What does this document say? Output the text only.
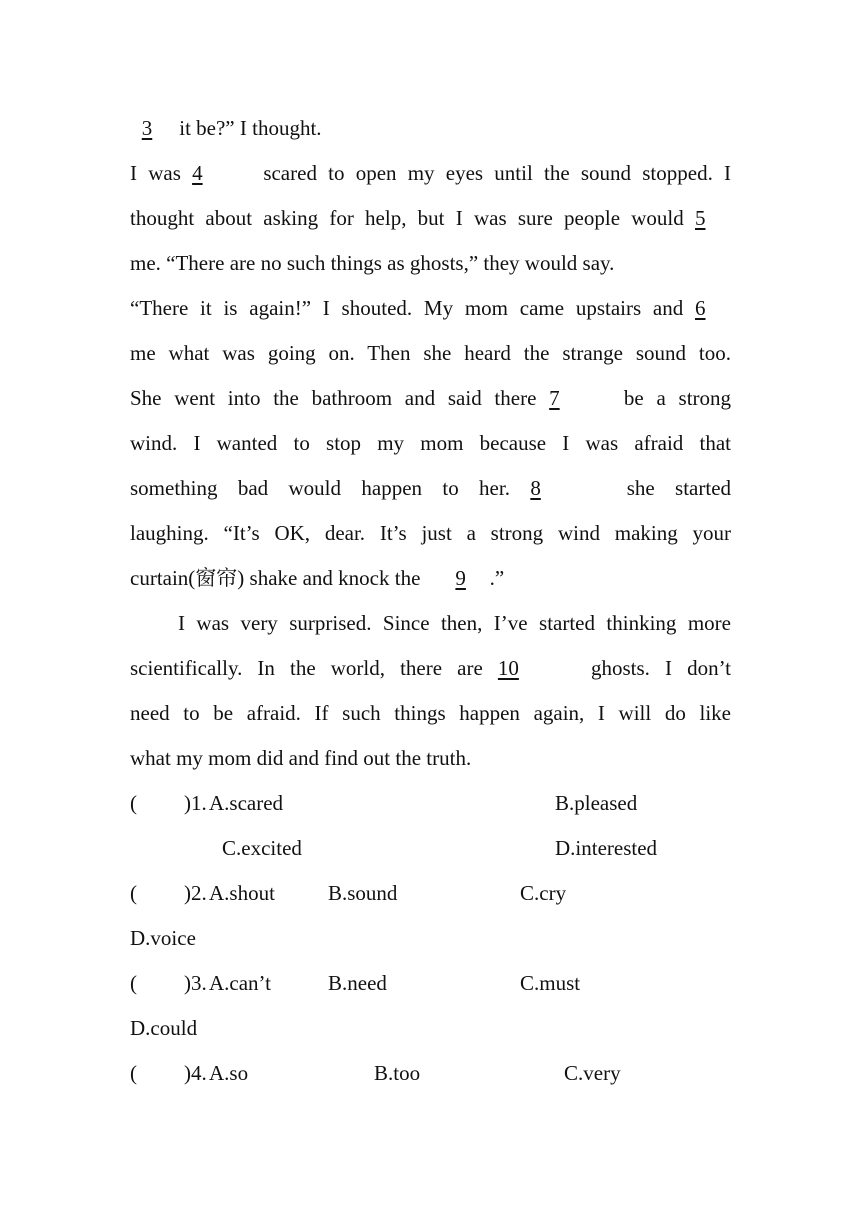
3 it be?” I thought.
I was 4	scared to open my eyes until the sound stopped. I
thought about asking for help, but I was sure people would 5
me. “There are no such things as ghosts,” they would say.
“There it is again!” I shouted. My mom came upstairs and 6
me what was going on. Then she heard the strange sound too.
She went into the bathroom and said there 7	be a strong
wind. I wanted to stop my mom because I was afraid that
something bad would happen to her. 8	she started
laughing. “It’s OK, dear. It’s just a strong wind making your
curtain(窗帘) shake and knock the 9 .”
I was very surprised. Since then, I’ve started thinking more
scientifically. In the world, there are 10	ghosts. I don’t
need to be afraid. If such things happen again, I will do like
what my mom did and find out the truth.
( )1. A.scared	B.pleased
C.excited	D.interested
( )2. A.shout	B.sound	C.cry
D.voice
( )3. A.can’t	B.need	C.must
D.could
( )4. A.so	B.too	C.very
